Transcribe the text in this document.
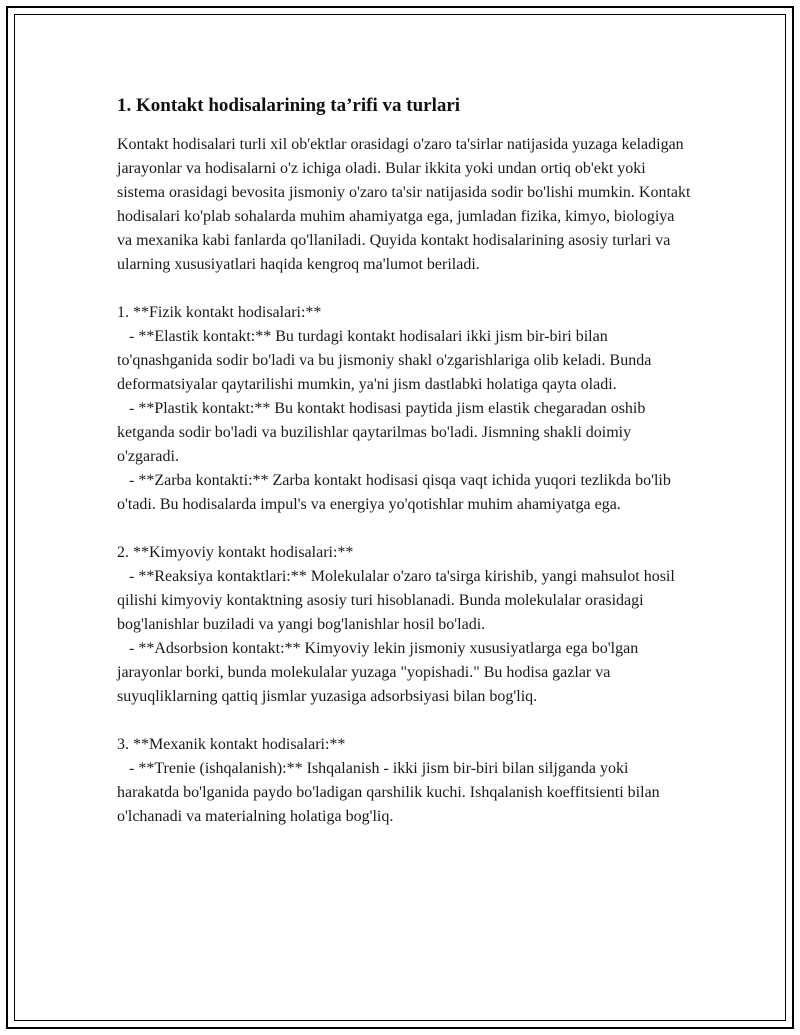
1. Kontakt hodisalarining ta’rifi va turlari

Kontakt hodisalari turli xil ob'ektlar orasidagi o'zaro ta'sirlar natijasida yuzaga keladigan jarayonlar va hodisalarni o'z ichiga oladi. Bular ikkita yoki undan ortiq ob'ekt yoki sistema orasidagi bevosita jismoniy o'zaro ta'sir natijasida sodir bo'lishi mumkin. Kontakt hodisalari ko'plab sohalarda muhim ahamiyatga ega, jumladan fizika, kimyo, biologiya va mexanika kabi fanlarda qo'llaniladi. Quyida kontakt hodisalarining asosiy turlari va ularning xususiyatlari haqida kengroq ma'lumot beriladi.

1. **Fizik kontakt hodisalari:**

- **Elastik kontakt:** Bu turdagi kontakt hodisalari ikki jism bir-biri bilan to'qnashganida sodir bo'ladi va bu jismoniy shakl o'zgarishlariga olib keladi. Bunda deformatsiyalar qaytarilishi mumkin, ya'ni jism dastlabki holatiga qayta oladi.

- **Plastik kontakt:** Bu kontakt hodisasi paytida jism elastik chegaradan oshib ketganda sodir bo'ladi va buzilishlar qaytarilmas bo'ladi. Jismning shakli doimiy o'zgaradi.

- **Zarba kontakti:** Zarba kontakt hodisasi qisqa vaqt ichida yuqori tezlikda bo'lib o'tadi. Bu hodisalarda impul's va energiya yo'qotishlar muhim ahamiyatga ega.

2. **Kimyoviy kontakt hodisalari:**

- **Reaksiya kontaktlari:** Molekulalar o'zaro ta'sirga kirishib, yangi mahsulot hosil qilishi kimyoviy kontaktning asosiy turi hisoblanadi. Bunda molekulalar orasidagi bog'lanishlar buziladi va yangi bog'lanishlar hosil bo'ladi.

- **Adsorbsion kontakt:** Kimyoviy lekin jismoniy xususiyatlarga ega bo'lgan jarayonlar borki, bunda molekulalar yuzaga "yopishadi." Bu hodisa gazlar va suyuqliklarning qattiq jismlar yuzasiga adsorbsiyasi bilan bog'liq.

3. **Mexanik kontakt hodisalari:**

- **Trenie (ishqalanish):** Ishqalanish - ikki jism bir-biri bilan siljganda yoki harakatda bo'lganida paydo bo'ladigan qarshilik kuchi. Ishqalanish koeffitsienti bilan o'lchanadi va materialning holatiga bog'liq.
